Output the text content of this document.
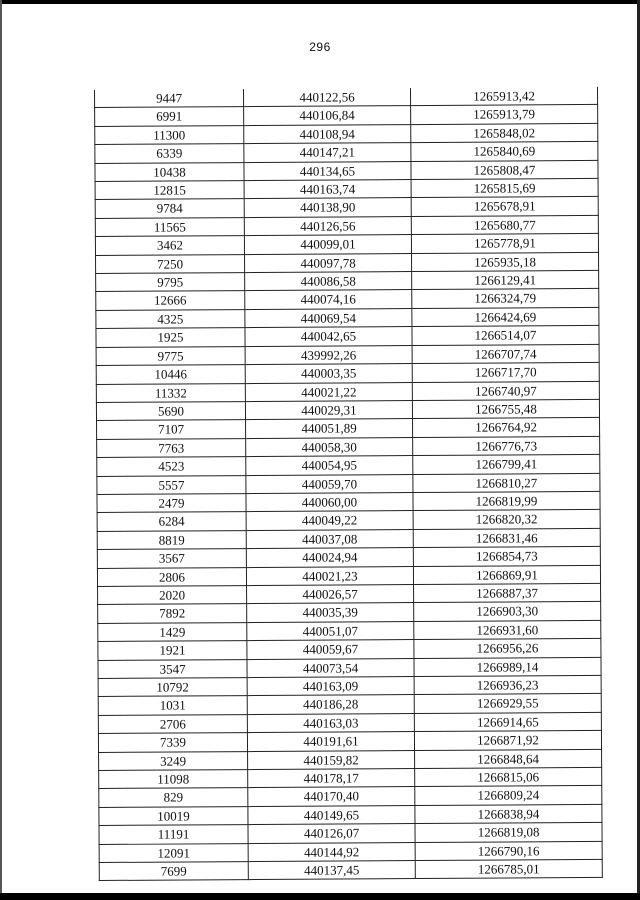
296
9447	440122,56	1265913,42
6991	440106,84	1265913,79
11300	440108,94	1265848,02
6339	440147,21	1265840,69
10438	440134,65	1265808,47
12815	440163,74	1265815,69
9784	440138,90	1265678,91
11565	440126,56	1265680,77
3462	440099,01	1265778,91
7250	440097,78	1265935,18
9795	440086,58	1266129,41
12666	440074,16	1266324,79
4325	440069,54	1266424,69
1925	440042,65	1266514,07
9775	439992,26	1266707,74
10446	440003,35	1266717,70
11332	440021,22	1266740,97
5690	440029,31	1266755,48
7107	440051,89	1266764,92
7763	440058,30	1266776,73
4523	440054,95	1266799,41
5557	440059,70	1266810,27
2479	440060,00	1266819,99
6284	440049,22	1266820,32
8819	440037,08	1266831,46
3567	440024,94	1266854,73
2806	440021,23	1266869,91
2020	440026,57	1266887,37
7892	440035,39	1266903,30
1429	440051,07	1266931,60
1921	440059,67	1266956,26
3547	440073,54	1266989,14
10792	440163,09	1266936,23
1031	440186,28	1266929,55
2706	440163,03	1266914,65
7339	440191,61	1266871,92
3249	440159,82	1266848,64
11098	440178,17	1266815,06
829	440170,40	1266809,24
10019	440149,65	1266838,94
11191	440126,07	1266819,08
12091	440144,92	1266790,16
7699	440137,45	1266785,01
